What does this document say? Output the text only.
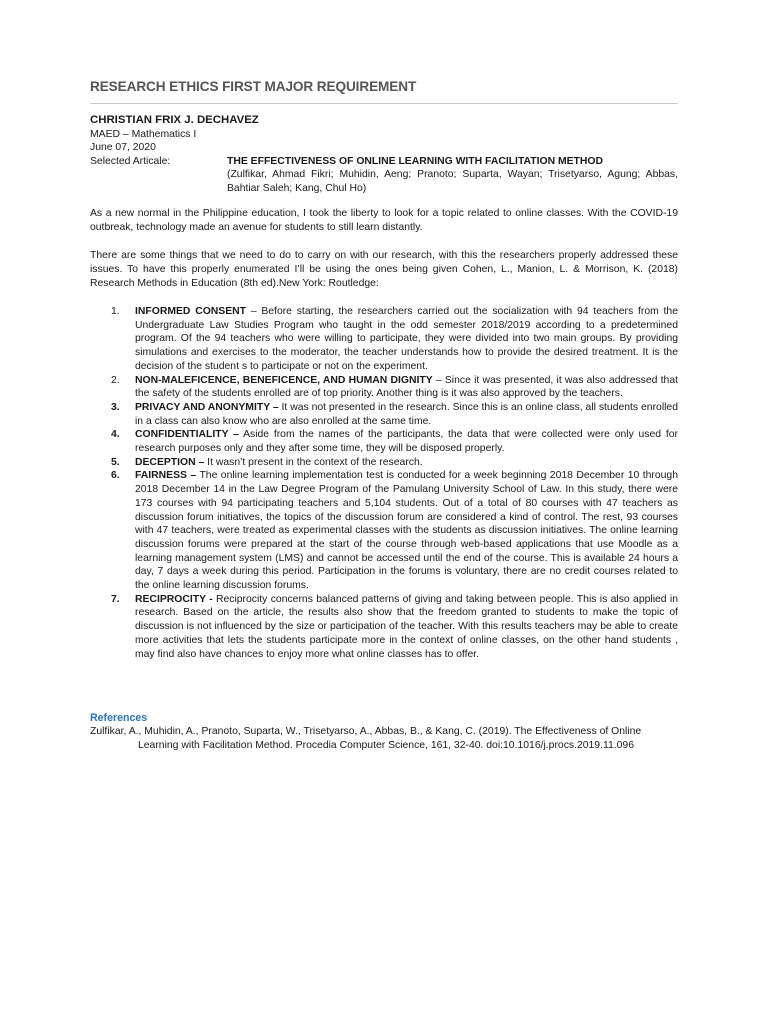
RESEARCH ETHICS FIRST MAJOR REQUIREMENT
CHRISTIAN FRIX J. DECHAVEZ
MAED – Mathematics I
June 07, 2020
Selected Articale:	THE EFFECTIVENESS OF ONLINE LEARNING WITH FACILITATION METHOD
(Zulfikar, Ahmad Fikri; Muhidin, Aeng; Pranoto; Suparta, Wayan; Trisetyarso, Agung; Abbas, Bahtiar Saleh; Kang, Chul Ho)

As a new normal in the Philippine education, I took the liberty to look for a topic related to online classes. With the COVID-19 outbreak, technology made an avenue for students to still learn distantly.

There are some things that we need to do to carry on with our research, with this the researchers properly addressed these issues. To have this properly enumerated I’ll be using the ones being given Cohen, L., Manion, L. & Morrison, K. (2018) Research Methods in Education (8th ed).New York: Routledge:

1.	INFORMED CONSENT – Before starting, the researchers carried out the socialization with 94 teachers from the Undergraduate Law Studies Program who taught in the odd semester 2018/2019 according to a predetermined program. Of the 94 teachers who were willing to participate, they were divided into two main groups. By providing simulations and exercises to the moderator, the teacher understands how to provide the desired treatment. It is the decision of the student s to participate or not on the experiment.
2.	NON-MALEFICENCE, BENEFICENCE, AND HUMAN DIGNITY – Since it was presented, it was also addressed that the safety of the students enrolled are of top priority. Another thing is it was also approved by the teachers.
3.	PRIVACY AND ANONYMITY – It was not presented in the research. Since this is an online class, all students enrolled in a class can also know who are also enrolled at the same time.
4.	CONFIDENTIALITY – Aside from the names of the participants, the data that were collected were only used for research purposes only and they after some time, they will be disposed properly.
5.	DECEPTION – It wasn’t present in the context of the research.
6.	FAIRNESS – The online learning implementation test is conducted for a week beginning 2018 December 10 through 2018 December 14 in the Law Degree Program of the Pamulang University School of Law. In this study, there were 173 courses with 94 participating teachers and 5,104 students. Out of a total of 80 courses with 47 teachers as discussion forum initiatives, the topics of the discussion forum are considered a kind of control. The rest, 93 courses with 47 teachers, were treated as experimental classes with the students as discussion initiatives. The online learning discussion forums were prepared at the start of the course through web-based applications that use Moodle as a learning management system (LMS) and cannot be accessed until the end of the course. This is available 24 hours a day, 7 days a week during this period. Participation in the forums is voluntary, there are no credit courses related to the online learning discussion forums.
7.	RECIPROCITY - Reciprocity concerns balanced patterns of giving and taking between people. This is also applied in research. Based on the article, the results also show that the freedom granted to students to make the topic of discussion is not influenced by the size or participation of the teacher. With this results teachers may be able to create more activities that lets the students participate more in the context of online classes, on the other hand students , may find also have chances to enjoy more what online classes has to offer.
References

Zulfikar, A., Muhidin, A., Pranoto, Suparta, W., Trisetyarso, A., Abbas, B., & Kang, C. (2019). The Effectiveness of Online Learning with Facilitation Method. Procedia Computer Science, 161, 32-40. doi:10.1016/j.procs.2019.11.096
